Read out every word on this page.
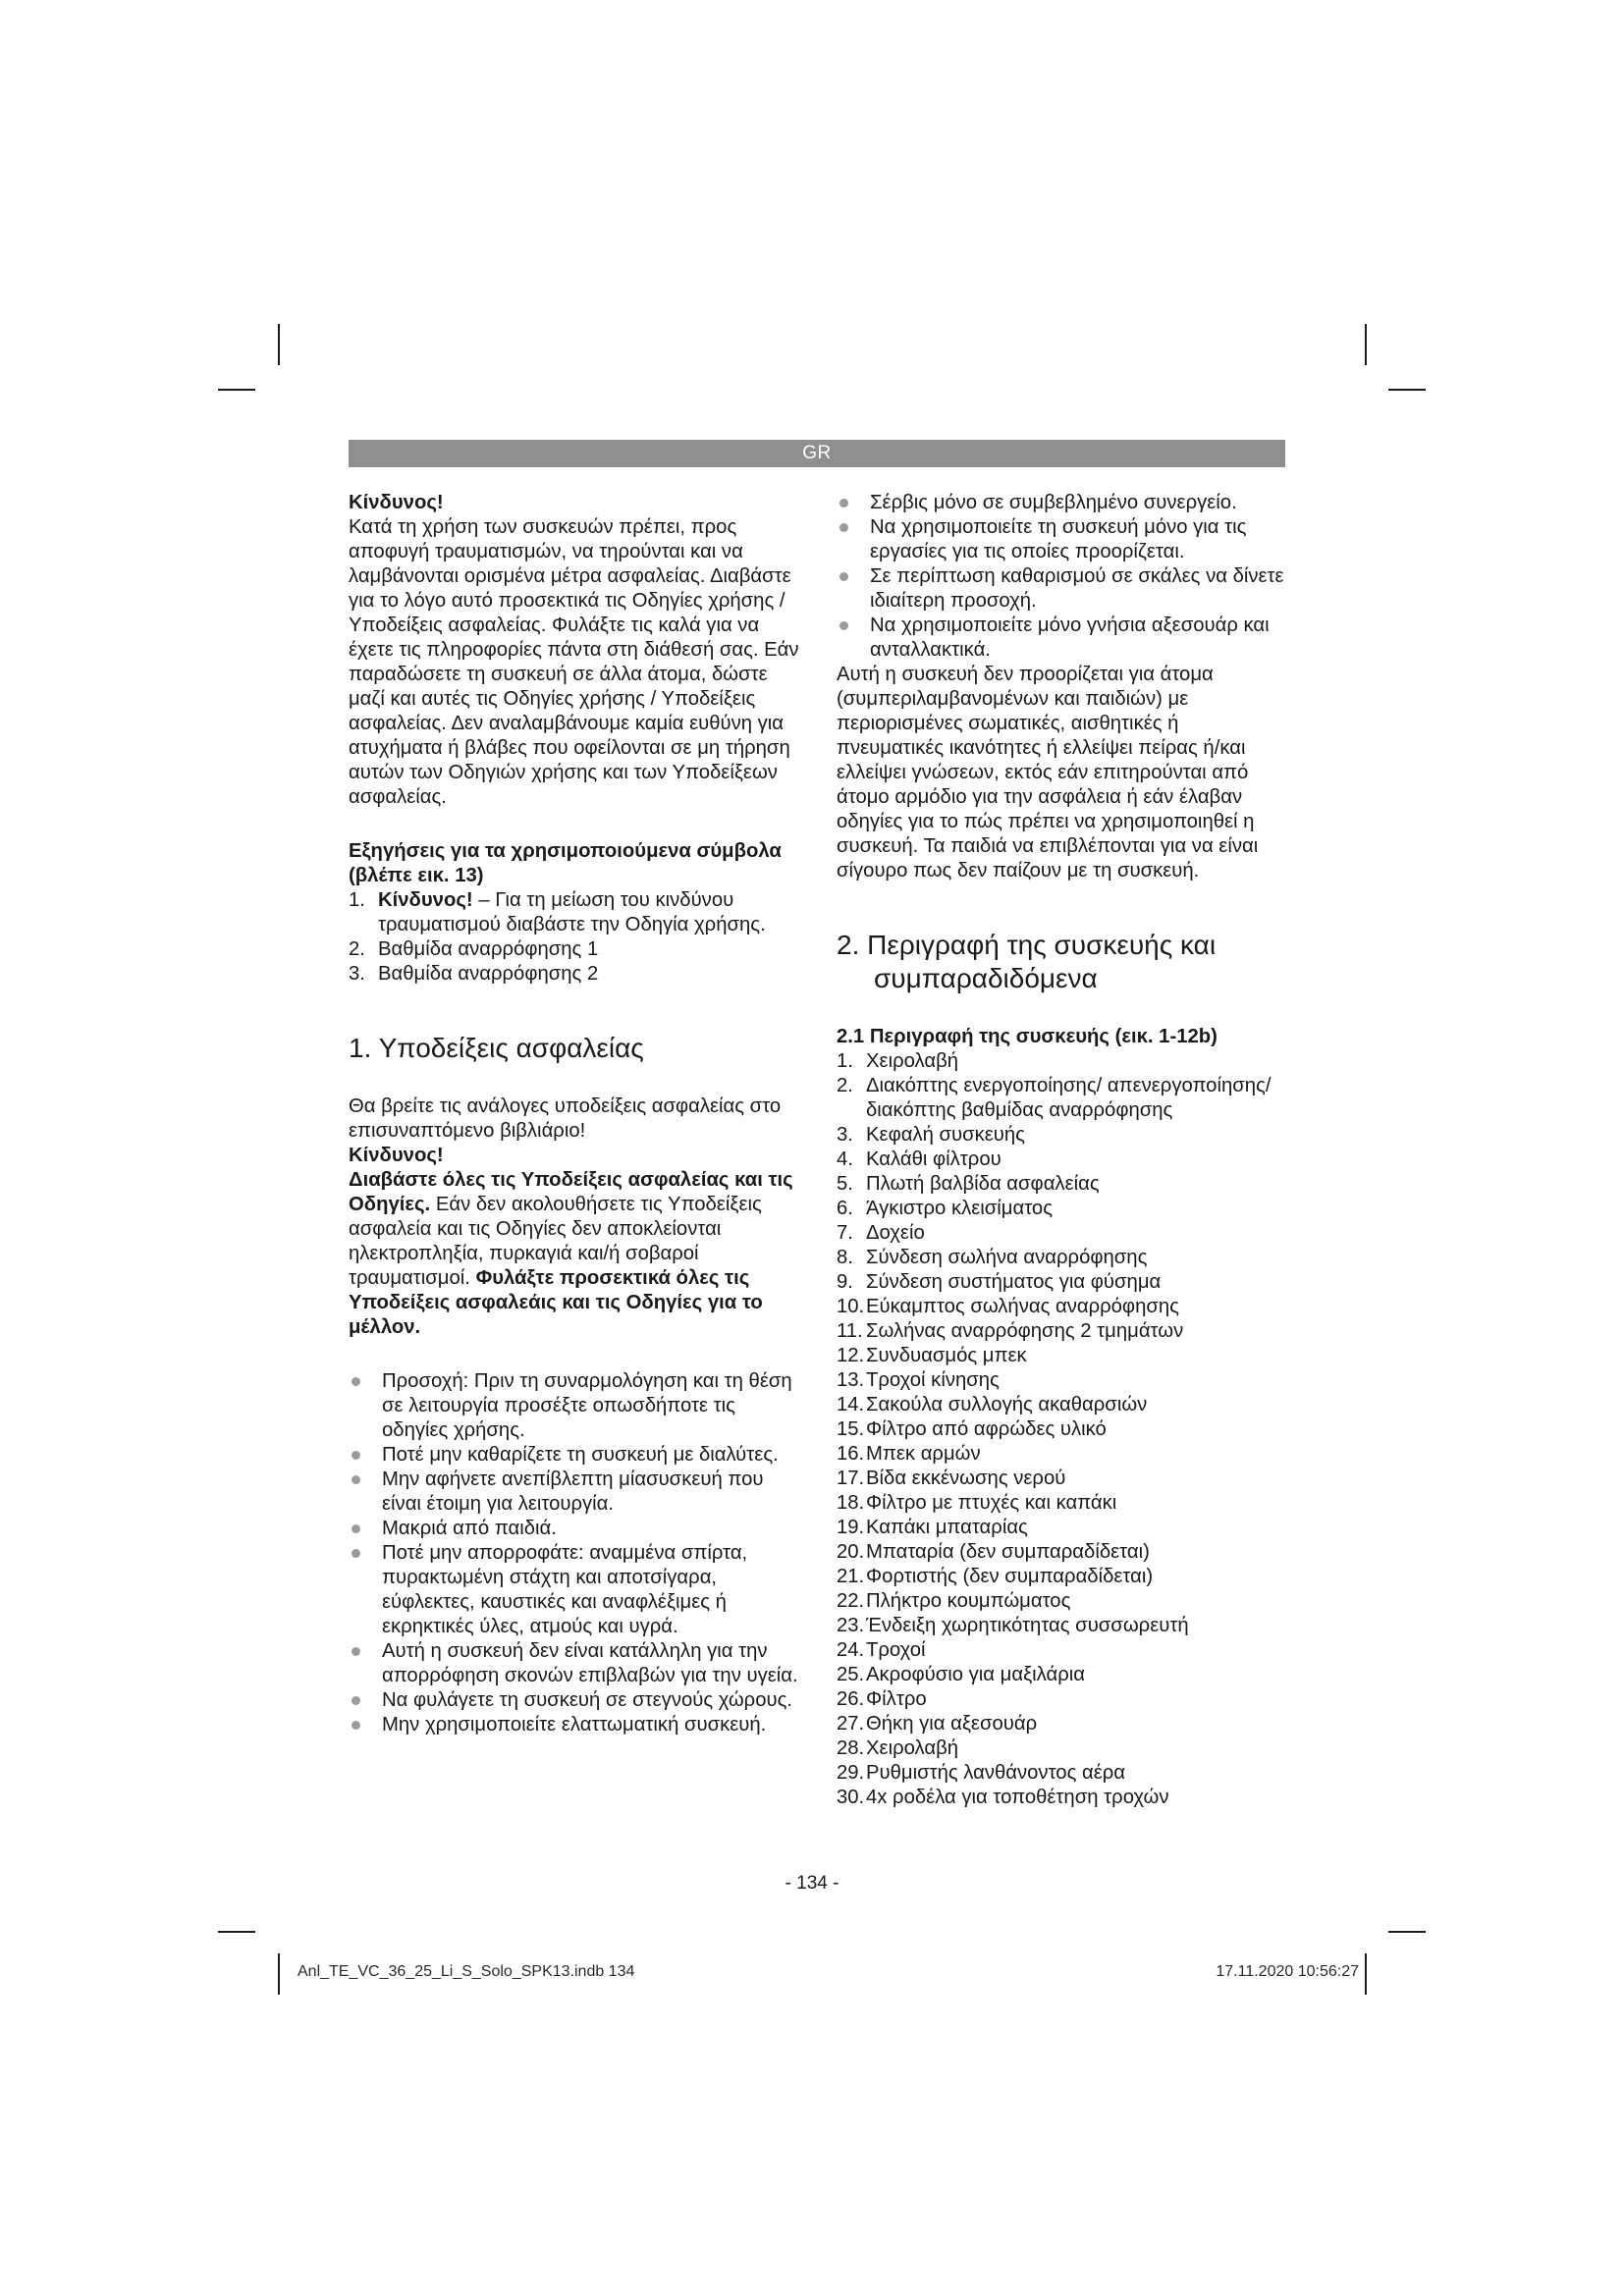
GR

Κίνδυνος!

Κατά τη χρήση των συσκευών πρέπει, προς αποφυγή τραυματισμών, να τηρούνται και να λαμβάνονται ορισμένα μέτρα ασφαλείας. Διαβάστε για το λόγο αυτό προσεκτικά τις Οδηγίες χρήσης / Υποδείξεις ασφαλείας. Φυλάξτε τις καλά για να έχετε τις πληροφορίες πάντα στη διάθεσή σας. Εάν παραδώσετε τη συσκευή σε άλλα άτομα, δώστε μαζί και αυτές τις Οδηγίες χρήσης / Υποδείξεις ασφαλείας. Δεν αναλαμβάνουμε καμία ευθύνη για ατυχήματα ή βλάβες που οφείλονται σε μη τήρηση αυτών των Οδηγιών χρήσης και των Υποδείξεων ασφαλείας.

Εξηγήσεις για τα χρησιμοποιούμενα σύμβολα (βλέπε εικ. 13)

1. Κίνδυνος! – Για τη μείωση του κινδύνου τραυματισμού διαβάστε την Οδηγία χρήσης.
2. Βαθμίδα αναρρόφησης 1
3. Βαθμίδα αναρρόφησης 2
1. Υποδείξεις ασφαλείας

Θα βρείτε τις ανάλογες υποδείξεις ασφαλείας στο επισυναπτόμενο βιβλιάριο!

Κίνδυνος!

Διαβάστε όλες τις Υποδείξεις ασφαλείας και τις Οδηγίες. Εάν δεν ακολουθήσετε τις Υποδείξεις ασφαλεία και τις Οδηγίες δεν αποκλείονται ηλεκτροπληξία, πυρκαγιά και/ή σοβαροί τραυματισμοί. Φυλάξτε προσεκτικά όλες τις Υποδείξεις ασφαλεάις και τις Οδηγίες για το μέλλον.

Προσοχή: Πριν τη συναρμολόγηση και τη θέση σε λειτουργία προσέξτε οπωσδήποτε τις οδηγίες χρήσης.
Ποτέ μην καθαρίζετε τη συσκευή με διαλύτες.
Μην αφήνετε ανεπίβλεπτη μίασυσκευή που είναι έτοιμη για λειτουργία.
Μακριά από παιδιά.
Ποτέ μην απορροφάτε: αναμμένα σπίρτα, πυρακτωμένη στάχτη και αποτσίγαρα, εύφλεκτες, καυστικές και αναφλέξιμες ή εκρηκτικές ύλες, ατμούς και υγρά.
Αυτή η συσκευή δεν είναι κατάλληλη για την απορρόφηση σκονών επιβλαβών για την υγεία.
Να φυλάγετε τη συσκευή σε στεγνούς χώρους.
Μην χρησιμοποιείτε ελαττωματική συσκευή.
Σέρβις μόνο σε συμβεβλημένο συνεργείο.
Να χρησιμοποιείτε τη συσκευή μόνο για τις εργασίες για τις οποίες προορίζεται.
Σε περίπτωση καθαρισμού σε σκάλες να δίνετε ιδιαίτερη προσοχή.
Να χρησιμοποιείτε μόνο γνήσια αξεσουάρ και ανταλλακτικά.

Αυτή η συσκευή δεν προορίζεται για άτομα (συμπεριλαμβανομένων και παιδιών) με περιορισμένες σωματικές, αισθητικές ή πνευματικές ικανότητες ή ελλείψει πείρας ή/και ελλείψει γνώσεων, εκτός εάν επιτηρούνται από άτομο αρμόδιο για την ασφάλεια ή εάν έλαβαν οδηγίες για το πώς πρέπει να χρησιμοποιηθεί η συσκευή. Τα παιδιά να επιβλέπονται για να είναι σίγουρο πως δεν παίζουν με τη συσκευή.

2. Περιγραφή της συσκευής και
συμπαραδιδόμενα

2.1 Περιγραφή της συσκευής (εικ. 1-12b)

1. Χειρολαβή
2. Διακόπτης ενεργοποίησης/ απενεργοποίησης/διακόπτης βαθμίδας αναρρόφησης
3. Κεφαλή συσκευής
4. Καλάθι φίλτρου
5. Πλωτή βαλβίδα ασφαλείας
6. Άγκιστρο κλεισίματος
7. Δοχείο
8. Σύνδεση σωλήνα αναρρόφησης
9. Σύνδεση συστήματος για φύσημα
10. Εύκαμπτος σωλήνας αναρρόφησης
11. Σωλήνας αναρρόφησης 2 τμημάτων
12. Συνδυασμός μπεκ
13. Τροχοί κίνησης
14. Σακούλα συλλογής ακαθαρσιών
15. Φίλτρο από αφρώδες υλικό
16. Μπεκ αρμών
17. Βίδα εκκένωσης νερού
18. Φίλτρο με πτυχές και καπάκι
19. Καπάκι μπαταρίας
20. Μπαταρία (δεν συμπαραδίδεται)
21. Φορτιστής (δεν συμπαραδίδεται)
22. Πλήκτρο κουμπώματος
23. Ένδειξη χωρητικότητας συσσωρευτή
24. Τροχοί
25. Ακροφύσιο για μαξιλάρια
26. Φίλτρο
27. Θήκη για αξεσουάρ
28. Χειρολαβή
29. Ρυθμιστής λανθάνοντος αέρα
30. 4x ροδέλα για τοποθέτηση τροχών
- 134 -
Anl_TE_VC_36_25_Li_S_Solo_SPK13.indb 134	17.11.2020 10:56:27
